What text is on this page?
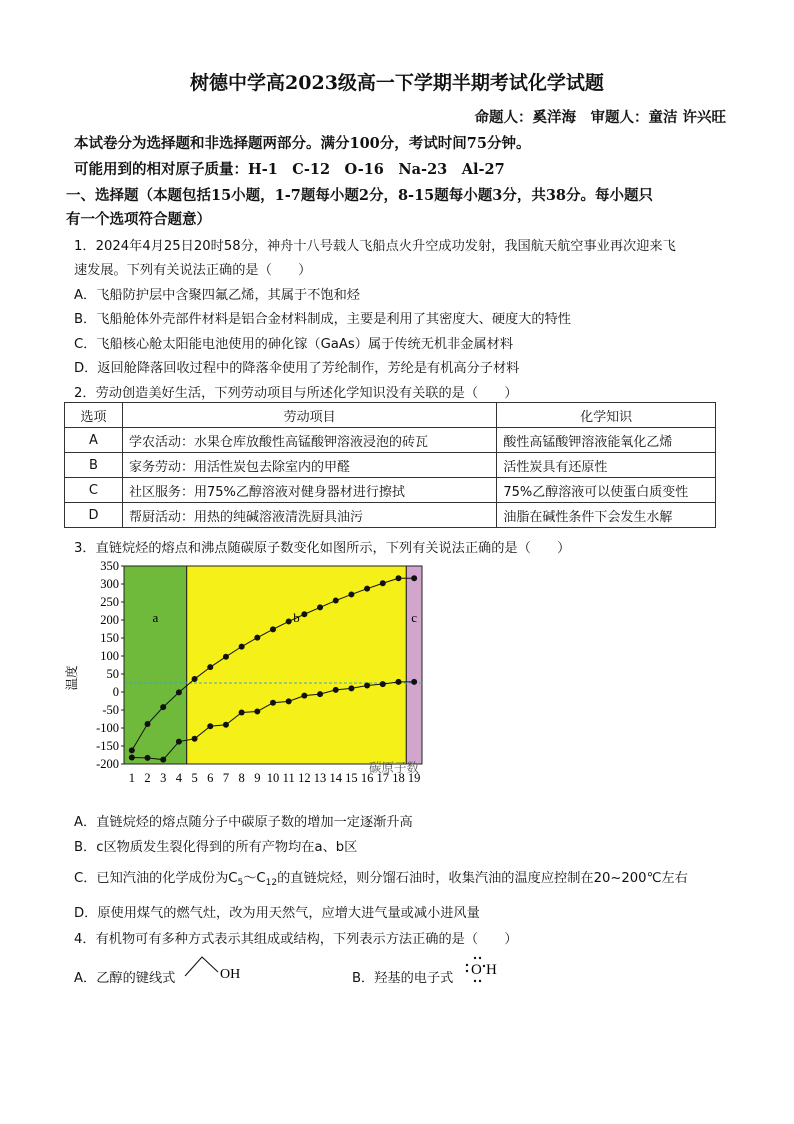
树德中学高2023级高一下学期半期考试化学试题
命题人：奚洋海　审题人：童洁 许兴旺
本试卷分为选择题和非选择题两部分。满分100分，考试时间75分钟。
可能用到的相对原子质量：H-1　C-12　O-16　Na-23　Al-27
一、选择题（本题包括15小题，1-7题每小题2分，8-15题每小题3分，共38分。每小题只
有一个选项符合题意）
1．2024年4月25日20时58分，神舟十八号载人飞船点火升空成功发射，我国航天航空事业再次迎来飞
速发展。下列有关说法正确的是（　　）
A．飞船防护层中含聚四氟乙烯，其属于不饱和烃
B．飞船舱体外壳部件材料是铝合金材料制成，主要是利用了其密度大、硬度大的特性
C．飞船核心舱太阳能电池使用的砷化镓（GaAs）属于传统无机非金属材料
D．返回舱降落回收过程中的降落伞使用了芳纶制作，芳纶是有机高分子材料
2．劳动创造美好生活，下列劳动项目与所述化学知识没有关联的是（　　）
选项	劳动项目	化学知识
A	学农活动：水果仓库放酸性高锰酸钾溶液浸泡的砖瓦	酸性高锰酸钾溶液能氧化乙烯
B	家务劳动：用活性炭包去除室内的甲醛	活性炭具有还原性
C	社区服务：用75%乙醇溶液对健身器材进行擦拭	75%乙醇溶液可以使蛋白质变性
D	帮厨活动：用热的纯碱溶液清洗厨具油污	油脂在碱性条件下会发生水解
3．直链烷烃的熔点和沸点随碳原子数变化如图所示，下列有关说法正确的是（　　）
350
300
250
200
150
100
50
0
-50
-100
-150
-200
1 2 3 4 5 6 7 8 9 10 11 12 13 14 15 16 17 18 19
a	b	c
温度
碳原子数
A．直链烷烃的熔点随分子中碳原子数的增加一定逐渐升高
B．c区物质发生裂化得到的所有产物均在a、b区
C．已知汽油的化学成份为$C_5\sim C_{12}$的直链烷烃，则分馏石油时，收集汽油的温度应控制在20~200℃左右
D．原使用煤气的燃气灶，改为用天然气，应增大进气量或减小进风量
4．有机物可有多种方式表示其组成或结构，下列表示方法正确的是（　　）
A．乙醇的键线式	OH	B．羟基的电子式
O H
